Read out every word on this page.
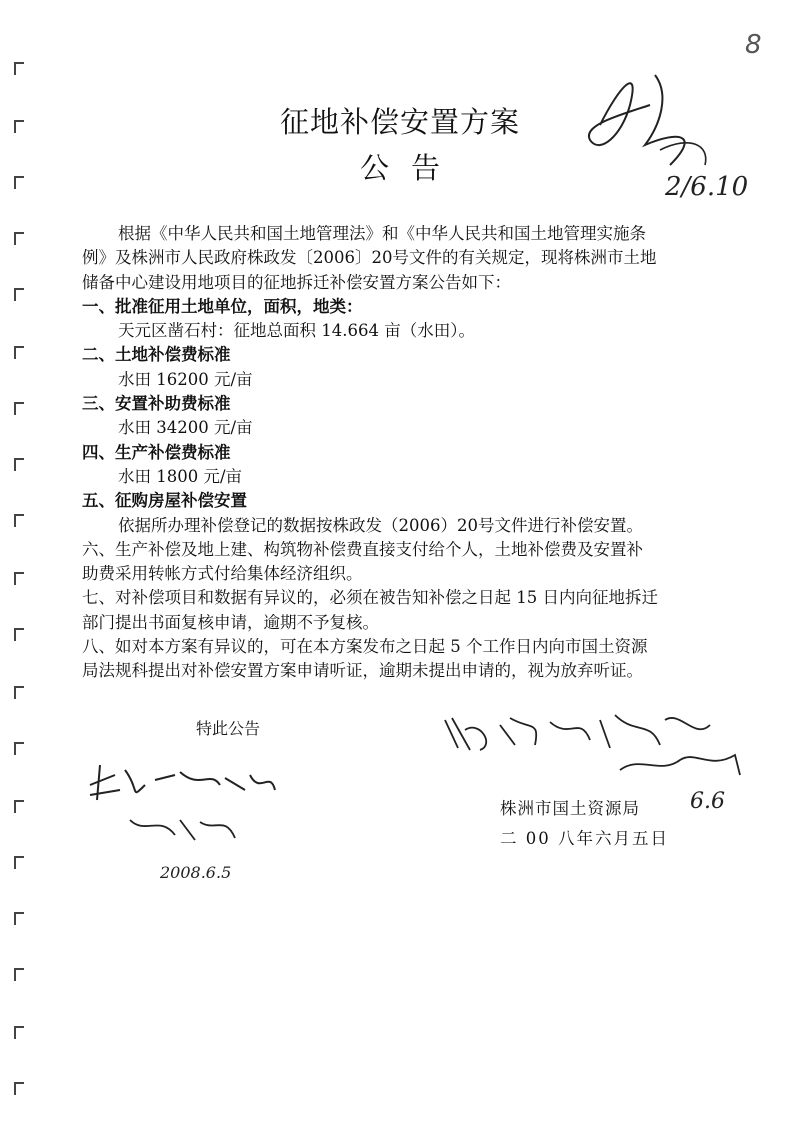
8
征地补偿安置方案
公告
2/6.10
根据《中华人民共和国土地管理法》和《中华人民共和国土地管理实施条
例》及株洲市人民政府株政发〔2006〕20号文件的有关规定，现将株洲市土地
储备中心建设用地项目的征地拆迁补偿安置方案公告如下：
一、批准征用土地单位，面积，地类：
天元区凿石村：征地总面积 14.664 亩（水田）。
二、土地补偿费标准
水田 16200 元/亩
三、安置补助费标准
水田 34200 元/亩
四、生产补偿费标准
水田 1800 元/亩
五、征购房屋补偿安置
依据所办理补偿登记的数据按株政发（2006）20号文件进行补偿安置。
六、生产补偿及地上建、构筑物补偿费直接支付给个人，土地补偿费及安置补
助费采用转帐方式付给集体经济组织。
七、对补偿项目和数据有异议的，必须在被告知补偿之日起 15 日内向征地拆迁
部门提出书面复核申请，逾期不予复核。
八、如对本方案有异议的，可在本方案发布之日起 5 个工作日内向市国土资源
局法规科提出对补偿安置方案申请听证，逾期未提出申请的，视为放弃听证。
特此公告
6.6
株洲市国土资源局
二 00 八年六月五日
2008.6.5
